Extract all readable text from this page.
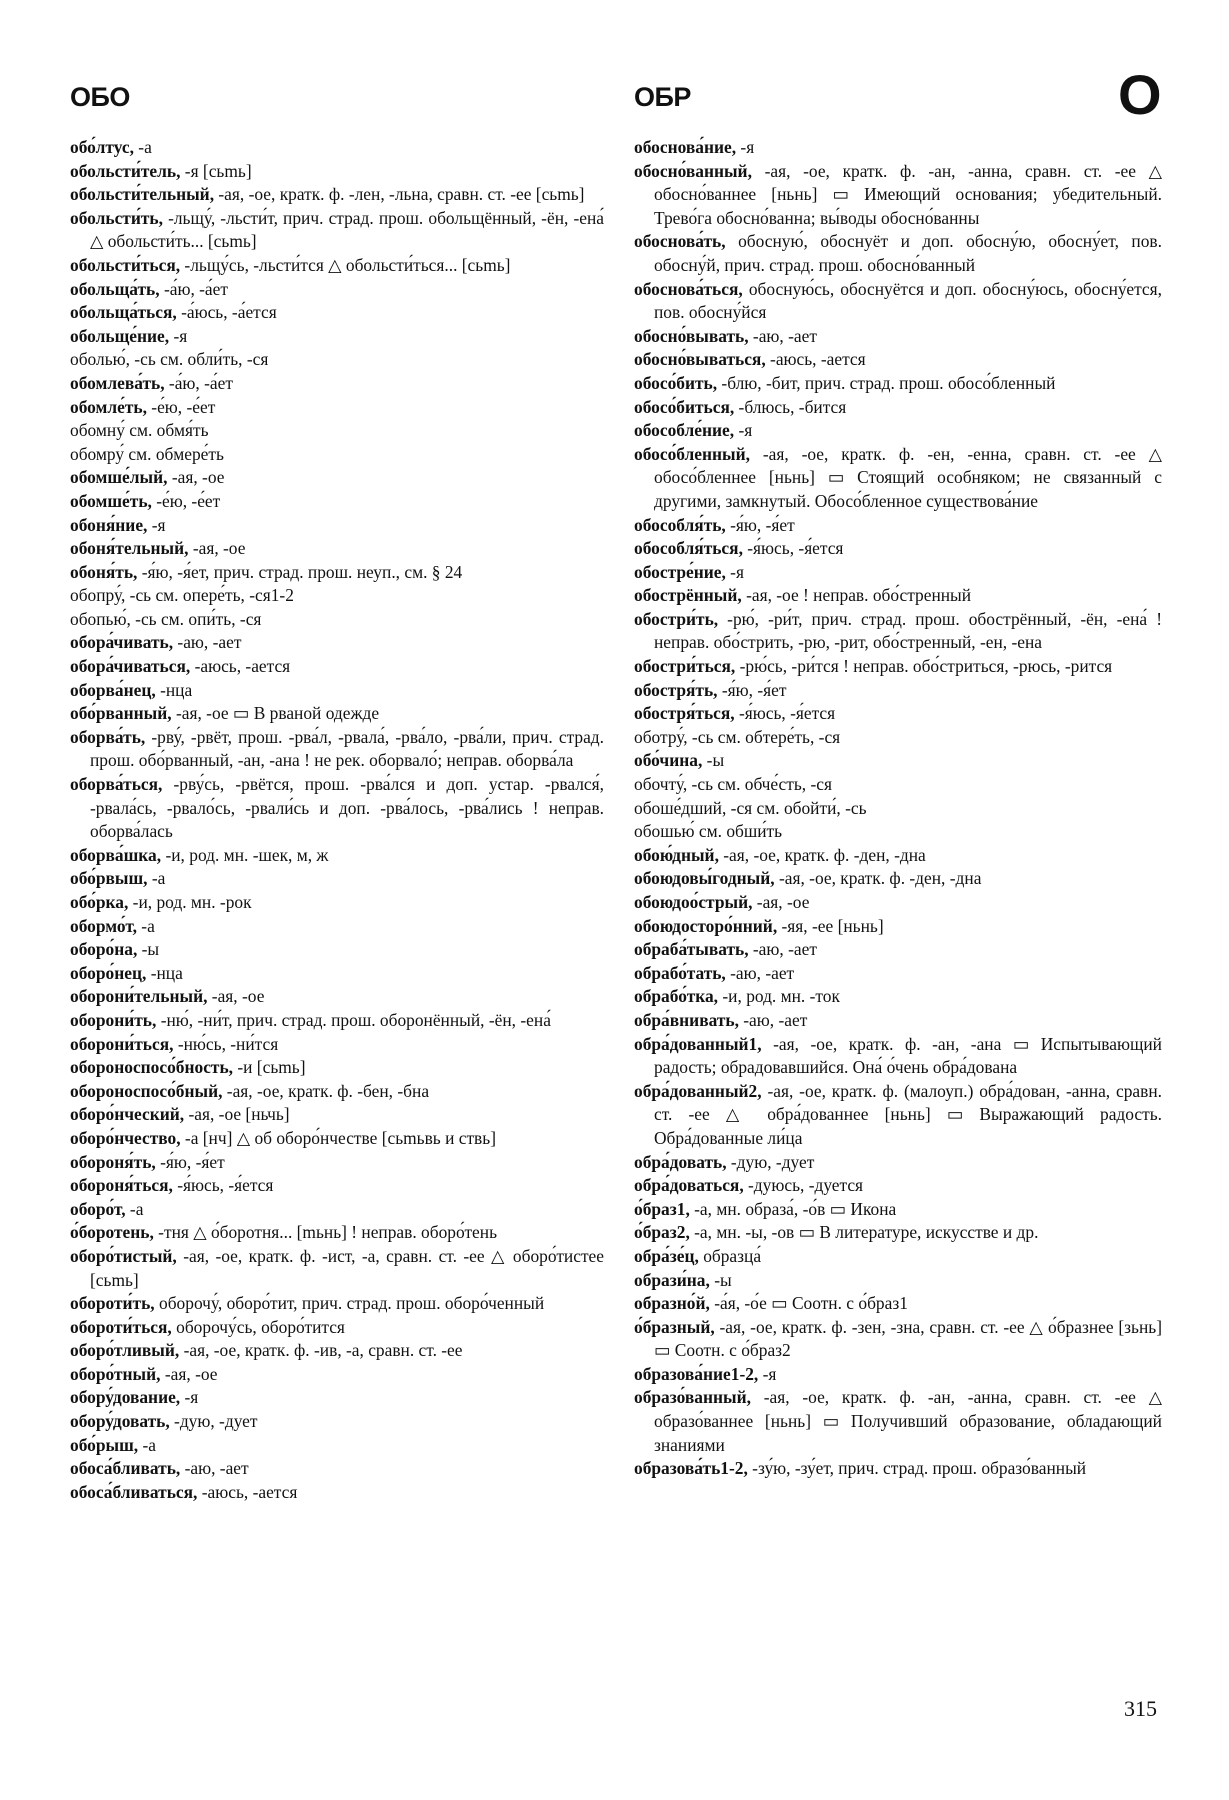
ОБО	ОБР	О

обо́лтус, -а

обольсти́тель, -я [сьmь]

обольсти́тельный, -ая, -ое, кратк. ф. -лен, -льна, сравн. ст. -ее [сьmь]

обольсти́ть, -льщу́, -льсти́т, прич. страд. прош. обольщённый, -ён, -ена́ △ обольсти́ть... [сьmь]

обольсти́ться, -льщу́сь, -льсти́тся △ обольсти́ться... [сьmь]

обольща́ть, -а́ю, -а́ет

обольща́ться, -а́юсь, -а́ется

обольще́ние, -я

оболью́, -сь см. обли́ть, -ся

обомлева́ть, -а́ю, -а́ет

обомле́ть, -е́ю, -е́ет

обомну́ см. обмя́ть

обомру́ см. обмере́ть

обомше́лый, -ая, -ое

обомше́ть, -е́ю, -е́ет

обоня́ние, -я

обоня́тельный, -ая, -ое

обоня́ть, -я́ю, -я́ет, прич. страд. прош. неуп., см. § 24

обопру́, -сь см. опере́ть, -ся1-2

обопью́, -сь см. опи́ть, -ся

обора́чивать, -аю, -ает

обора́чиваться, -аюсь, -ается

оборва́нец, -нца

обо́рванный, -ая, -ое ▭ В рваной одежде

оборва́ть, -рву́, -рвёт, прош. -рва́л, -рвала́, -рва́ло, -рва́ли, прич. страд. прош. обо́рванный, -ан, -ана ! не рек. оборвало́; неправ. оборва́ла

оборва́ться, -рву́сь, -рвётся, прош. -рва́лся и доп. устар. -рвался́, -рвала́сь, -рвало́сь, -рвали́сь и доп. -рва́лось, -рва́лись ! неправ. оборва́лась

оборва́шка, -и, род. мн. -шек, м, ж

обо́рвыш, -а

обо́рка, -и, род. мн. -рок

обормо́т, -а

оборо́на, -ы

оборо́нец, -нца

оборони́тельный, -ая, -ое

оборони́ть, -ню́, -ни́т, прич. страд. прош. оборонённый, -ён, -ена́

оборони́ться, -ню́сь, -ни́тся

обороноспосо́бность, -и [сьmь]

обороноспосо́бный, -ая, -ое, кратк. ф. -бен, -бна

оборо́нческий, -ая, -ое [ньчь]

оборо́нчество, -а [нч] △ об оборо́нчестве [сьmьвь и ствь]

обороня́ть, -я́ю, -я́ет

обороня́ться, -я́юсь, -я́ется

оборо́т, -а

о́боротень, -тня △ о́боротня... [mьнь] ! неправ. оборо́тень

оборо́тистый, -ая, -ое, кратк. ф. -ист, -а, сравн. ст. -ее △ оборо́тистее [сьmь]

обороти́ть, оборочу́, оборо́тит, прич. страд. прош. оборо́ченный

обороти́ться, оборочу́сь, оборо́тится

оборо́тливый, -ая, -ое, кратк. ф. -ив, -а, сравн. ст. -ее

оборо́тный, -ая, -ое

обору́дование, -я

обору́довать, -дую, -дует

обо́рыш, -а

обоса́бливать, -аю, -ает

обоса́бливаться, -аюсь, -ается

обоснова́ние, -я

обосно́ванный, -ая, -ое, кратк. ф. -ан, -анна, сравн. ст. -ее △ обосно́ваннее [ньнь] ▭ Имеющий основания; убедительный. Трево́га обосно́ванна; вы́воды обосно́ванны

обоснова́ть, обосную́, обоснуёт и доп. обосну́ю, обосну́ет, пов. обосну́й, прич. страд. прош. обосно́ванный

обоснова́ться, обосную́сь, обоснуётся и доп. обосну́юсь, обосну́ется, пов. обосну́йся

обосно́вывать, -аю, -ает

обосно́вываться, -аюсь, -ается

обосо́бить, -блю, -бит, прич. страд. прош. обосо́бленный

обосо́биться, -блюсь, -бится

обособле́ние, -я

обосо́бленный, -ая, -ое, кратк. ф. -ен, -енна, сравн. ст. -ее △ обосо́бленнее [ньнь] ▭ Стоящий особняком; не связанный с другими, замкнутый. Обосо́бленное существова́ние

обособля́ть, -я́ю, -я́ет

обособля́ться, -я́юсь, -я́ется

обостре́ние, -я

обострённый, -ая, -ое ! неправ. обо́стренный

обостри́ть, -рю́, -ри́т, прич. страд. прош. обострённый, -ён, -ена́ ! неправ. обо́стрить, -рю, -рит, обо́стренный, -ен, -ена

обостри́ться, -рю́сь, -ри́тся ! неправ. обо́стриться, -рюсь, -рится

обостря́ть, -я́ю, -я́ет

обостря́ться, -я́юсь, -я́ется

оботру́, -сь см. обтере́ть, -ся

обо́чина, -ы

обочту́, -сь см. обче́сть, -ся

обоше́дший, -ся см. обойти́, -сь

обошью́ см. обши́ть

обою́дный, -ая, -ое, кратк. ф. -ден, -дна

обоюдовы́годный, -ая, -ое, кратк. ф. -ден, -дна

обоюдоо́стрый, -ая, -ое

обоюдосторо́нний, -яя, -ее [ньнь]

обраба́тывать, -аю, -ает

обрабо́тать, -аю, -ает

обрабо́тка, -и, род. мн. -ток

обра́внивать, -аю, -ает

обра́дованный1, -ая, -ое, кратк. ф. -ан, -ана ▭ Испытывающий радость; обрадовавшийся. Она́ о́чень обра́дована

обра́дованный2, -ая, -ое, кратк. ф. (малоуп.) обра́дован, -анна, сравн. ст. -ее △ обра́дованнее [ньнь] ▭ Выражающий радость. Обра́дованные ли́ца

обра́довать, -дую, -дует

обра́доваться, -дуюсь, -дуется

о́браз1, -а, мн. образа́, -о́в ▭ Икона

о́браз2, -а, мн. -ы, -ов ▭ В литературе, искусстве и др.

обра́зе́ц, образца́

образи́на, -ы

образно́й, -а́я, -о́е ▭ Соотн. с о́браз1

о́бразный, -ая, -ое, кратк. ф. -зен, -зна, сравн. ст. -ее △ о́бразнее [зьнь] ▭ Соотн. с о́браз2

образова́ние1-2, -я

образо́ванный, -ая, -ое, кратк. ф. -ан, -анна, сравн. ст. -ее △ образо́ваннее [ньнь] ▭ Получивший образование, обладающий знаниями

образова́ть1-2, -зу́ю, -зу́ет, прич. страд. прош. образо́ванный

315
